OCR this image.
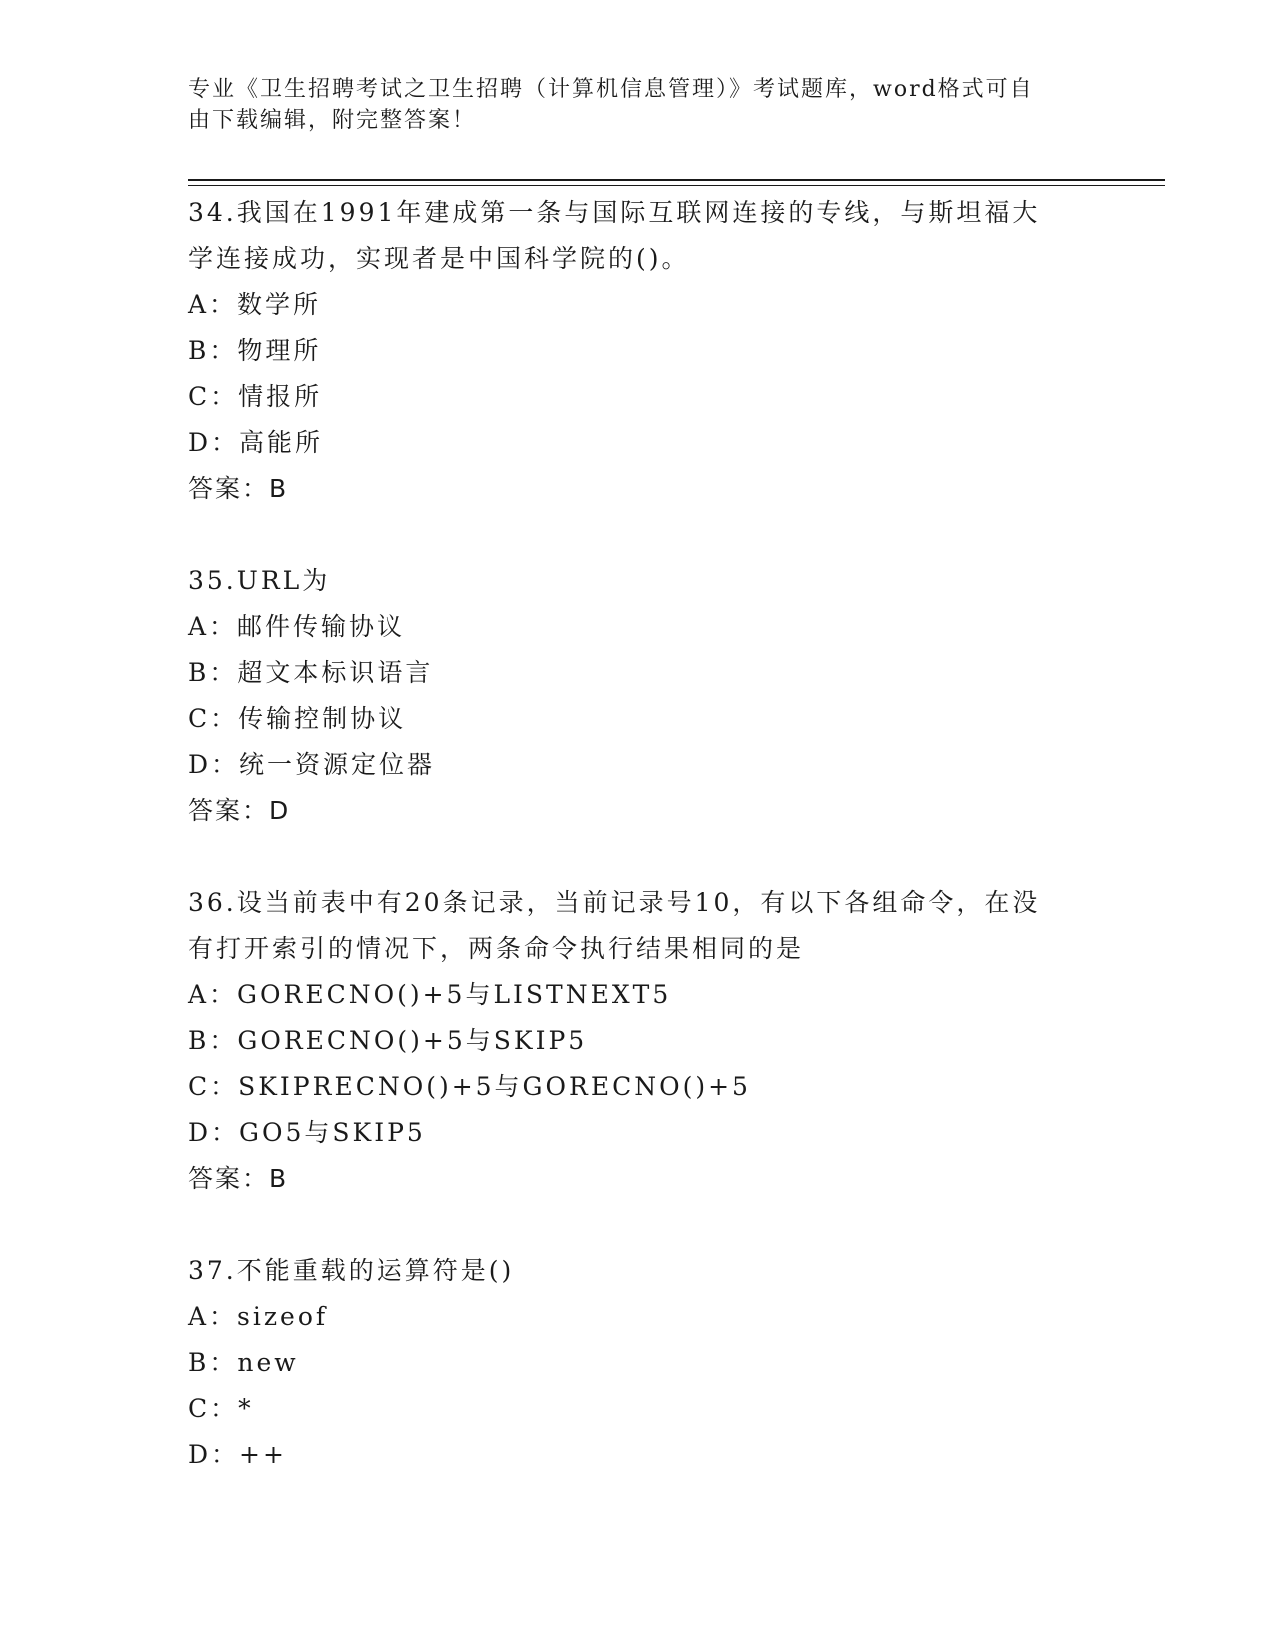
专业《卫生招聘考试之卫生招聘（计算机信息管理）》考试题库，word格式可自

由下载编辑，附完整答案！

34.我国在1991年建成第一条与国际互联网连接的专线，与斯坦福大
学连接成功，实现者是中国科学院的()。
A：数学所
B：物理所
C：情报所
D：高能所
答案：B
35.URL为
A：邮件传输协议
B：超文本标识语言
C：传输控制协议
D：统一资源定位器
答案：D
36.设当前表中有20条记录，当前记录号10，有以下各组命令，在没
有打开索引的情况下，两条命令执行结果相同的是
A：GORECNO()+5与LISTNEXT5
B：GORECNO()+5与SKIP5
C：SKIPRECNO()+5与GORECNO()+5
D：GO5与SKIP5
答案：B
37.不能重载的运算符是()
A：sizeof
B：new
C：*
D：++
